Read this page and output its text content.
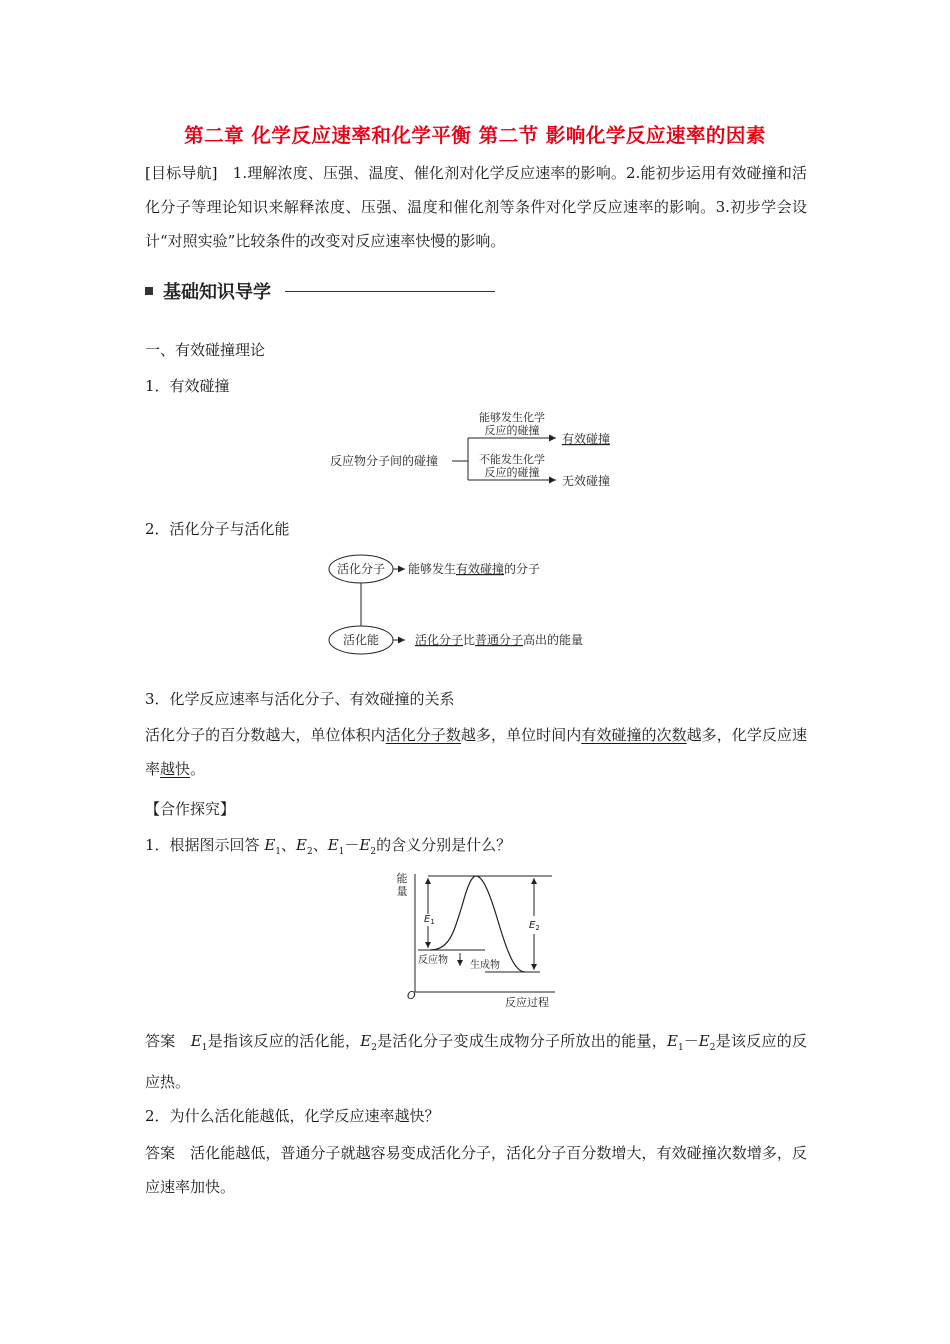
第二章 化学反应速率和化学平衡 第二节 影响化学反应速率的因素
[目标导航]　 1.理解浓度、压强、温度、催化剂对化学反应速率的影响。2.能初步运用有效碰撞和活化分子等理论知识来解释浓度、压强、温度和催化剂等条件对化学反应速率的影响。3.初步学会设计“对照实验”比较条件的改变对反应速率快慢的影响。
基础知识导学
一、有效碰撞理论
1．有效碰撞
反应物分子间的碰撞
能够发生化学
反应的碰撞
不能发生化学
反应的碰撞
有效碰撞
无效碰撞
2．活化分子与活化能
活化分子
活化能
能够发生有效碰撞的分子
活化分子比普通分子高出的能量
3．化学反应速率与活化分子、有效碰撞的关系
活化分子的百分数越大，单位体积内活化分子数越多，单位时间内有效碰撞的次数越多，化学反应速率越快。
【合作探究】
1．根据图示回答 $E_1$、$E_2$、$E_1-E_2$的含义分别是什么？
能
量
O
反应过程
$E_1$	$E_2$
反应物 生成物
答案　 $E_1$是指该反应的活化能，$E_2$是活化分子变成生成物分子所放出的能量，$E_1-E_2$是该反应的反应热。
2．为什么活化能越低，化学反应速率越快？
答案　 活化能越低，普通分子就越容易变成活化分子，活化分子百分数增大，有效碰撞次数增多，反应速率加快。
